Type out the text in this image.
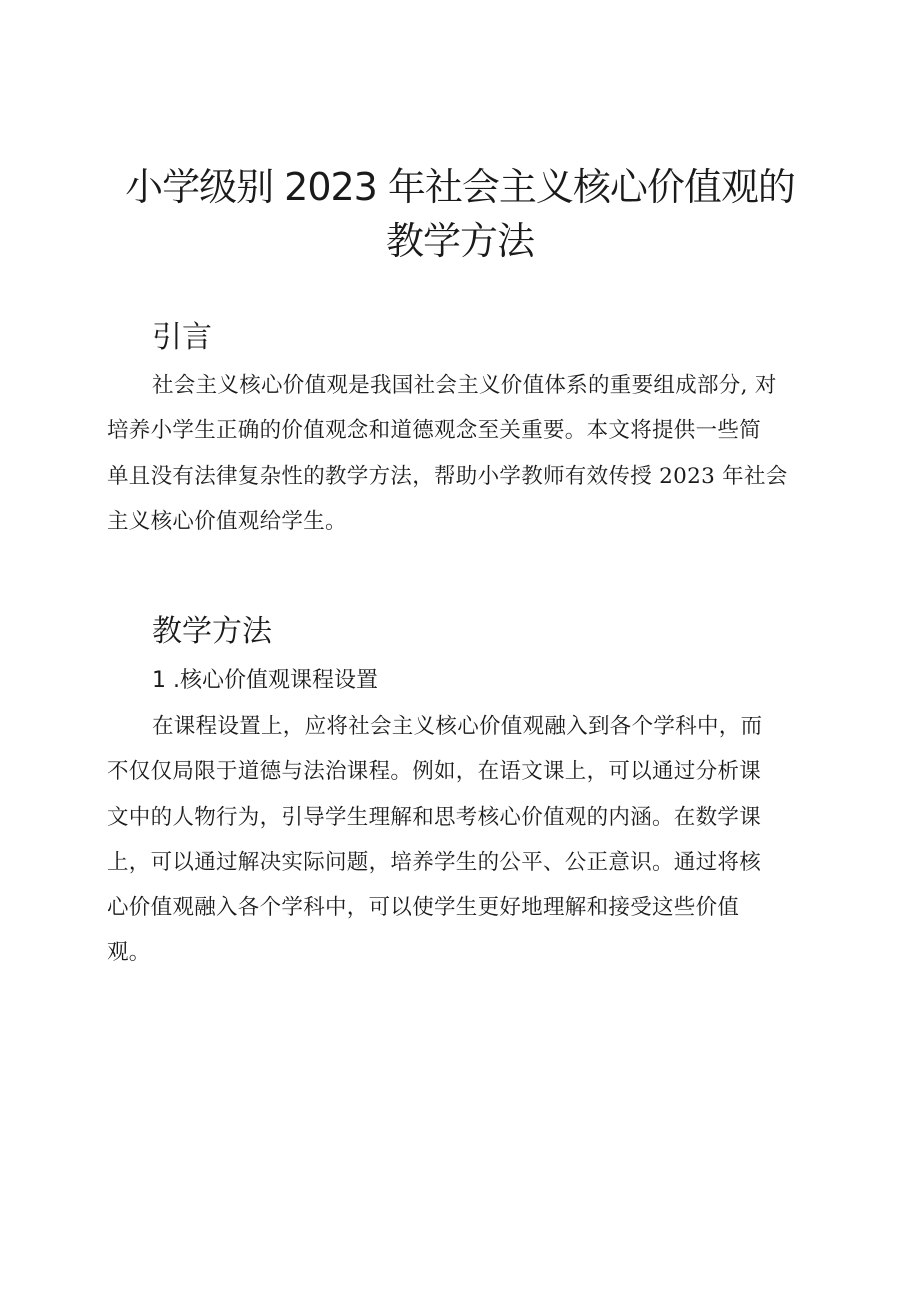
小学级别 2023 年社会主义核心价值观的
教学方法
引言
社会主义核心价值观是我国社会主义价值体系的重要组成部分, 对
培养小学生正确的价值观念和道德观念至关重要。本文将提供一些简
单且没有法律复杂性的教学方法，帮助小学教师有效传授 2023 年社会
主义核心价值观给学生。
教学方法
1 .核心价值观课程设置
在课程设置上，应将社会主义核心价值观融入到各个学科中，而
不仅仅局限于道德与法治课程。例如，在语文课上，可以通过分析课
文中的人物行为，引导学生理解和思考核心价值观的内涵。在数学课
上，可以通过解决实际问题，培养学生的公平、公正意识。通过将核
心价值观融入各个学科中，可以使学生更好地理解和接受这些价值
观。
